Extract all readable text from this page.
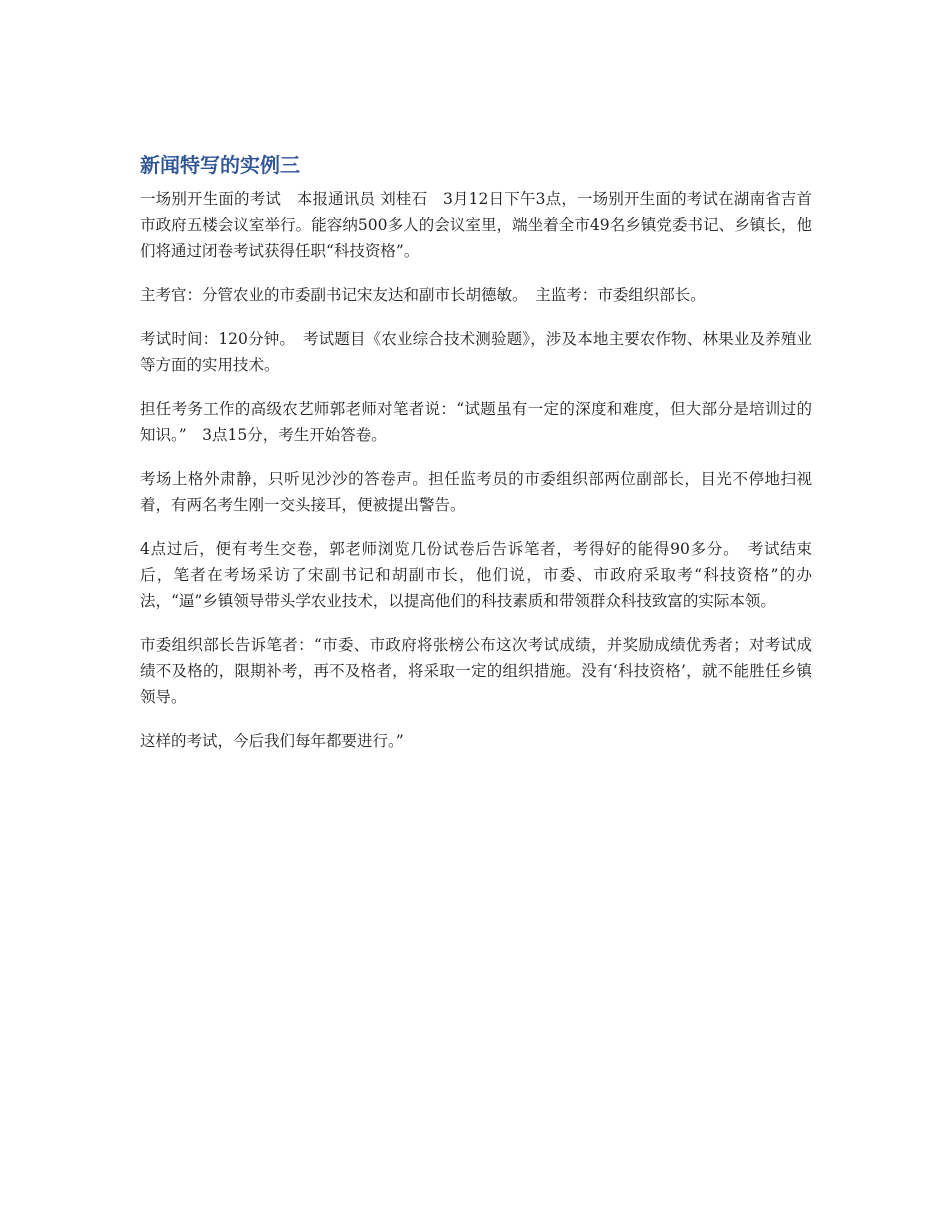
新闻特写的实例三

一场别开生面的考试　本报通讯员 刘桂石　3月12日下午3点，一场别开生面的考试在湖南省吉首市政府五楼会议室举行。能容纳500多人的会议室里，端坐着全市49名乡镇党委书记、乡镇长，他们将通过闭卷考试获得任职“科技资格”。

主考官：分管农业的市委副书记宋友达和副市长胡德敏。　主监考：市委组织部长。

考试时间：120分钟。　考试题目《农业综合技术测验题》，涉及本地主要农作物、林果业及养殖业等方面的实用技术。

担任考务工作的高级农艺师郭老师对笔者说：“试题虽有一定的深度和难度，但大部分是培训过的知识。”　3点15分，考生开始答卷。

考场上格外肃静，只听见沙沙的答卷声。担任监考员的市委组织部两位副部长，目光不停地扫视着，有两名考生刚一交头接耳，便被提出警告。

4点过后，便有考生交卷，郭老师浏览几份试卷后告诉笔者，考得好的能得90多分。　考试结束后，笔者在考场采访了宋副书记和胡副市长，他们说，市委、市政府采取考“科技资格”的办法，“逼”乡镇领导带头学农业技术，以提高他们的科技素质和带领群众科技致富的实际本领。

市委组织部长告诉笔者：“市委、市政府将张榜公布这次考试成绩，并奖励成绩优秀者；对考试成绩不及格的，限期补考，再不及格者，将采取一定的组织措施。没有‘科技资格’，就不能胜任乡镇领导。

这样的考试，今后我们每年都要进行。”
